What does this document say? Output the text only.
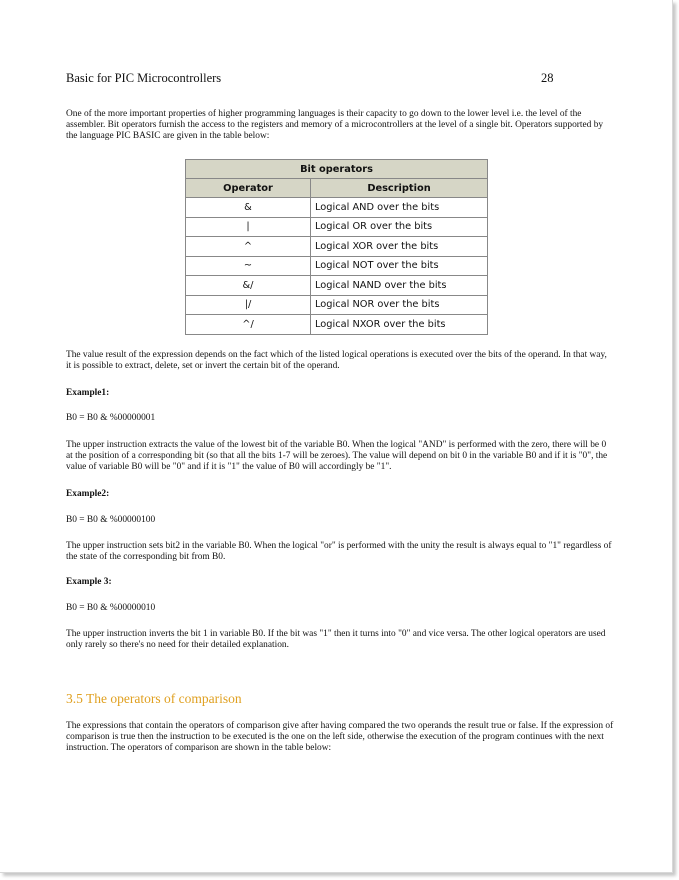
Basic for PIC Microcontrollers	28
One of the more important properties of higher programming languages is their capacity to go down to the lower level i.e. the level of the assembler. Bit operators furnish the access to the registers and memory of a microcontrollers at the level of a single bit. Operators supported by the language PIC BASIC are given in the table below:
Bit operators	
Operator	Description
&	Logical AND over the bits
|	Logical OR over the bits
^	Logical XOR over the bits
~	Logical NOT over the bits
&/	Logical NAND over the bits
|/	Logical NOR over the bits
^/	Logical NXOR over the bits
The value result of the expression depends on the fact which of the listed logical operations is executed over the bits of the operand. In that way, it is possible to extract, delete, set or invert the certain bit of the operand.
Example1:
B0 = B0 & %00000001
The upper instruction extracts the value of the lowest bit of the variable B0. When the logical "AND" is performed with the zero, there will be 0 at the position of a corresponding bit (so that all the bits 1-7 will be zeroes). The value will depend on bit 0 in the variable B0 and if it is "0", the value of variable B0 will be "0" and if it is "1" the value of B0 will accordingly be "1".
Example2:
B0 = B0 & %00000100
The upper instruction sets bit2 in the variable B0. When the logical "or" is performed with the unity the result is always equal to "1" regardless of the state of the corresponding bit from B0.
Example 3:
B0 = B0 & %00000010
The upper instruction inverts the bit 1 in variable B0. If the bit was "1" then it turns into "0" and vice versa. The other logical operators are used only rarely so there's no need for their detailed explanation.
3.5 The operators of comparison
The expressions that contain the operators of comparison give after having compared the two operands the result true or false. If the expression of comparison is true then the instruction to be executed is the one on the left side, otherwise the execution of the program continues with the next instruction. The operators of comparison are shown in the table below:
